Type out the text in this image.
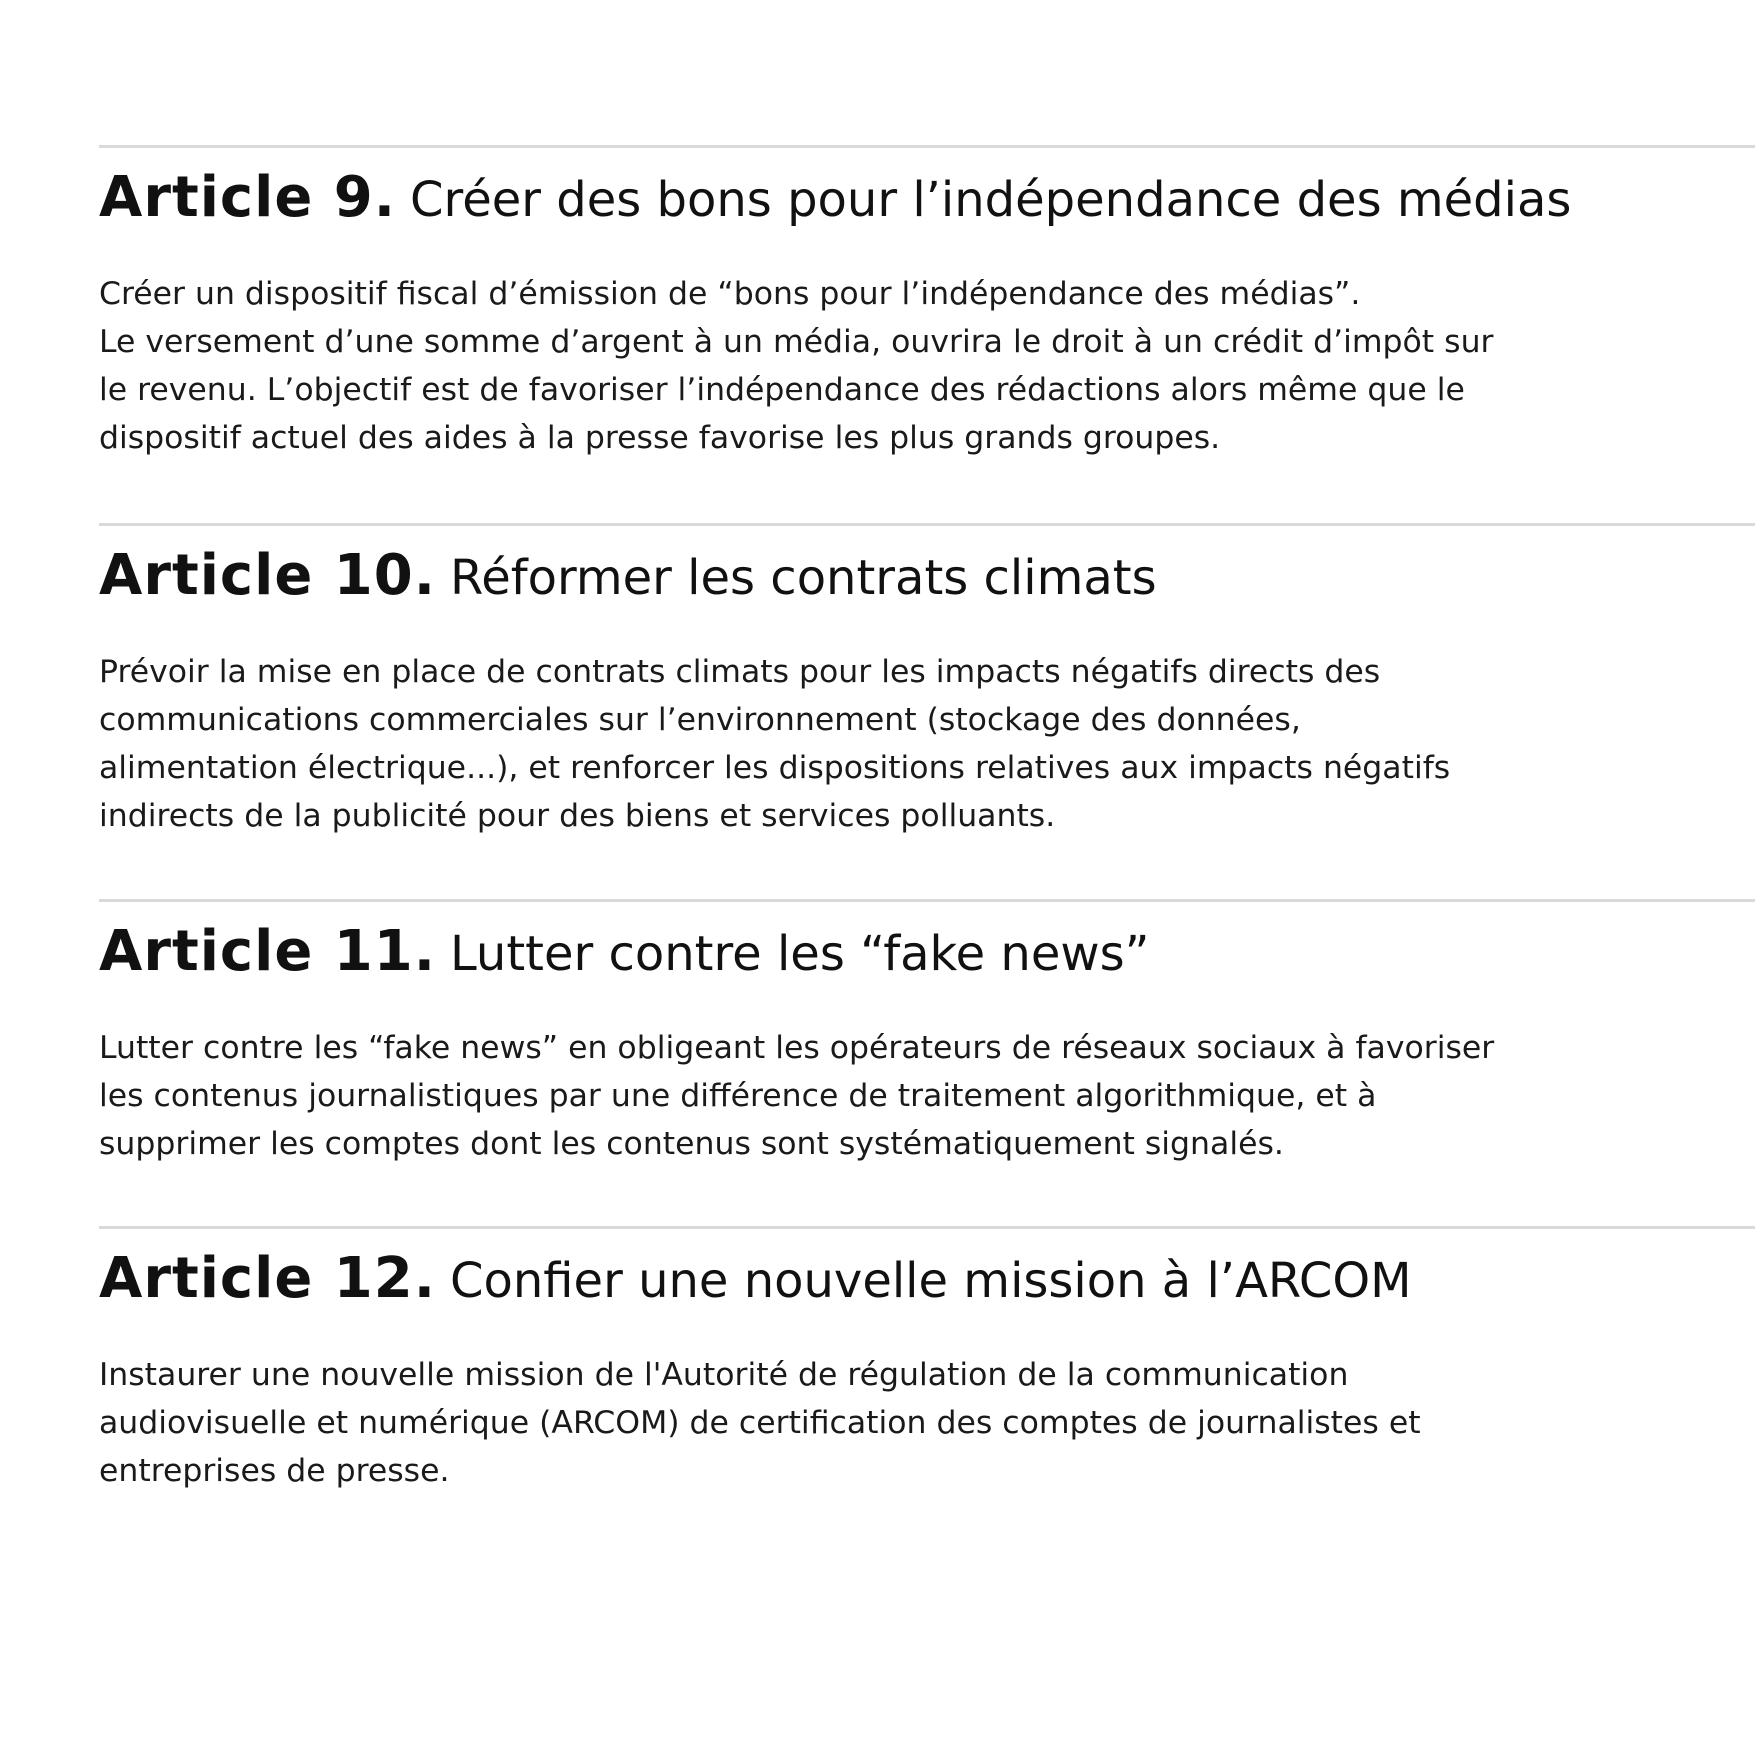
Article 9. Créer des bons pour l’indépendance des médias

Créer un dispositif fiscal d’émission de “bons pour l’indépendance des médias”.
Le versement d’une somme d’argent à un média, ouvrira le droit à un crédit d’impôt sur
le revenu. L’objectif est de favoriser l’indépendance des rédactions alors même que le
dispositif actuel des aides à la presse favorise les plus grands groupes.

Article 10. Réformer les contrats climats

Prévoir la mise en place de contrats climats pour les impacts négatifs directs des
communications commerciales sur l’environnement (stockage des données,
alimentation électrique...), et renforcer les dispositions relatives aux impacts négatifs
indirects de la publicité pour des biens et services polluants.

Article 11. Lutter contre les “fake news”

Lutter contre les “fake news” en obligeant les opérateurs de réseaux sociaux à favoriser
les contenus journalistiques par une différence de traitement algorithmique, et à
supprimer les comptes dont les contenus sont systématiquement signalés.

Article 12. Confier une nouvelle mission à l’ARCOM

Instaurer une nouvelle mission de l'Autorité de régulation de la communication
audiovisuelle et numérique (ARCOM) de certification des comptes de journalistes et
entreprises de presse.
